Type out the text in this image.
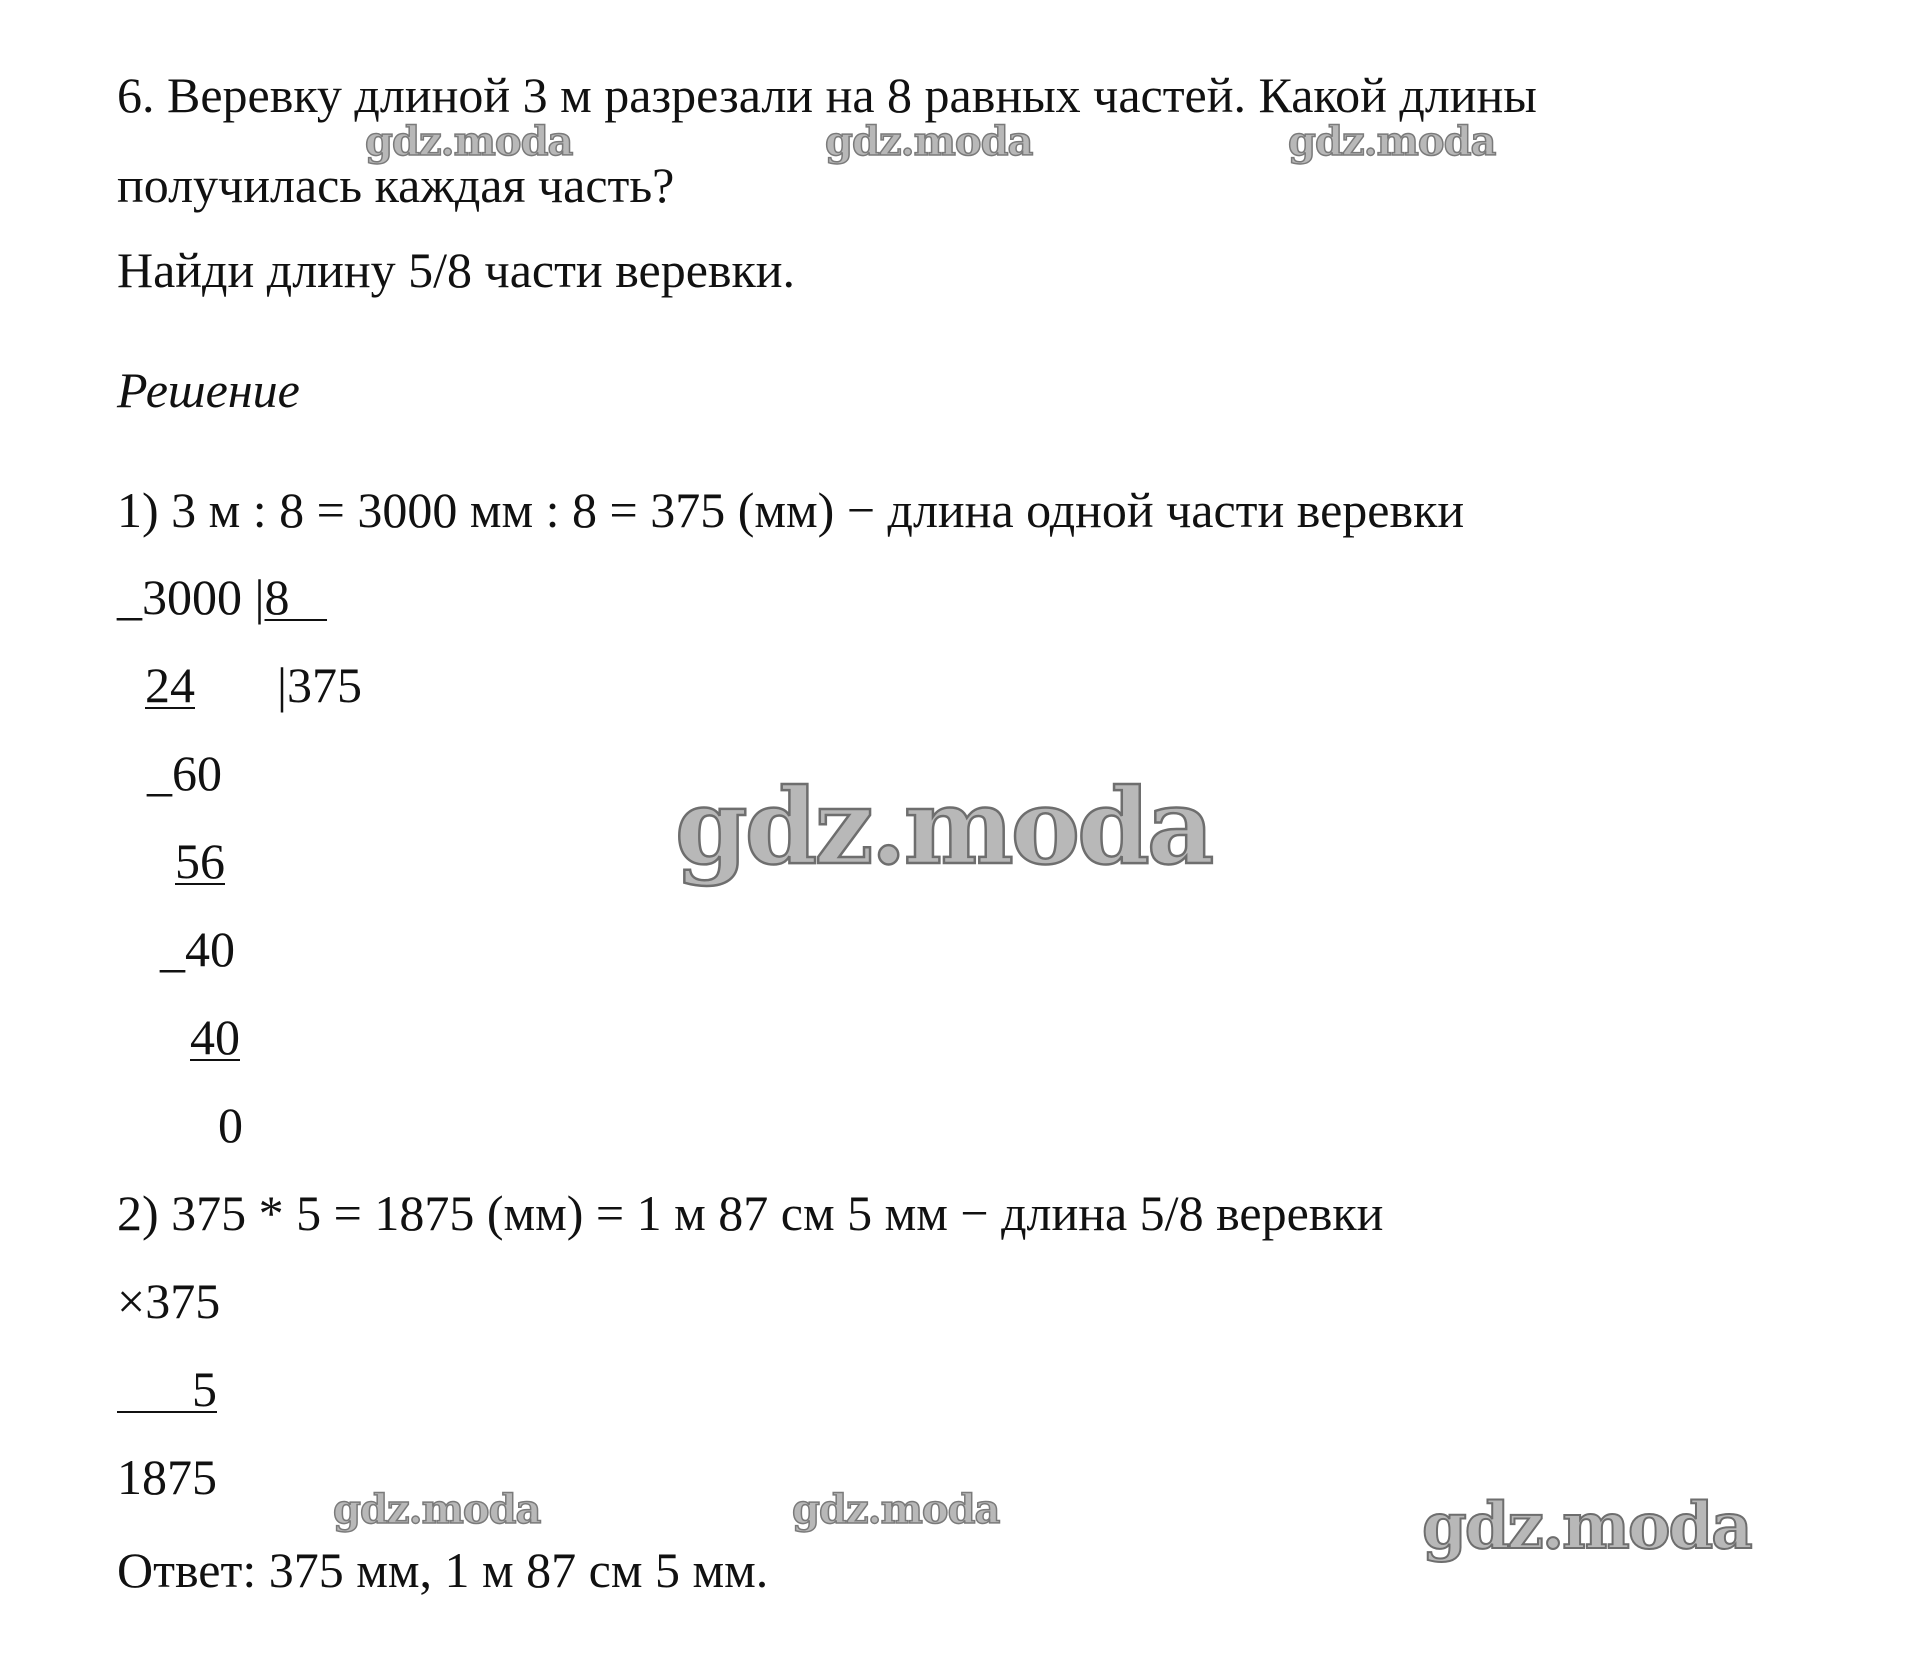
6. Веревку длиной 3 м разрезали на 8 равных частей. Какой длины
получилась каждая часть?
Найди длину 5/8 части веревки.
Решение
1) 3 м : 8 = 3000 мм : 8 = 375 (мм) − длина одной части веревки
_3000 |8
24 |375
_60
56
_40
40
0
2) 375 * 5 = 1875 (мм) = 1 м 87 см 5 мм − длина 5/8 веревки
×375
5
1875
Ответ: 375 мм, 1 м 87 см 5 мм.
gdz.moda	gdz.moda	gdz.moda
gdz.moda
gdz.moda	gdz.moda	gdz.moda
